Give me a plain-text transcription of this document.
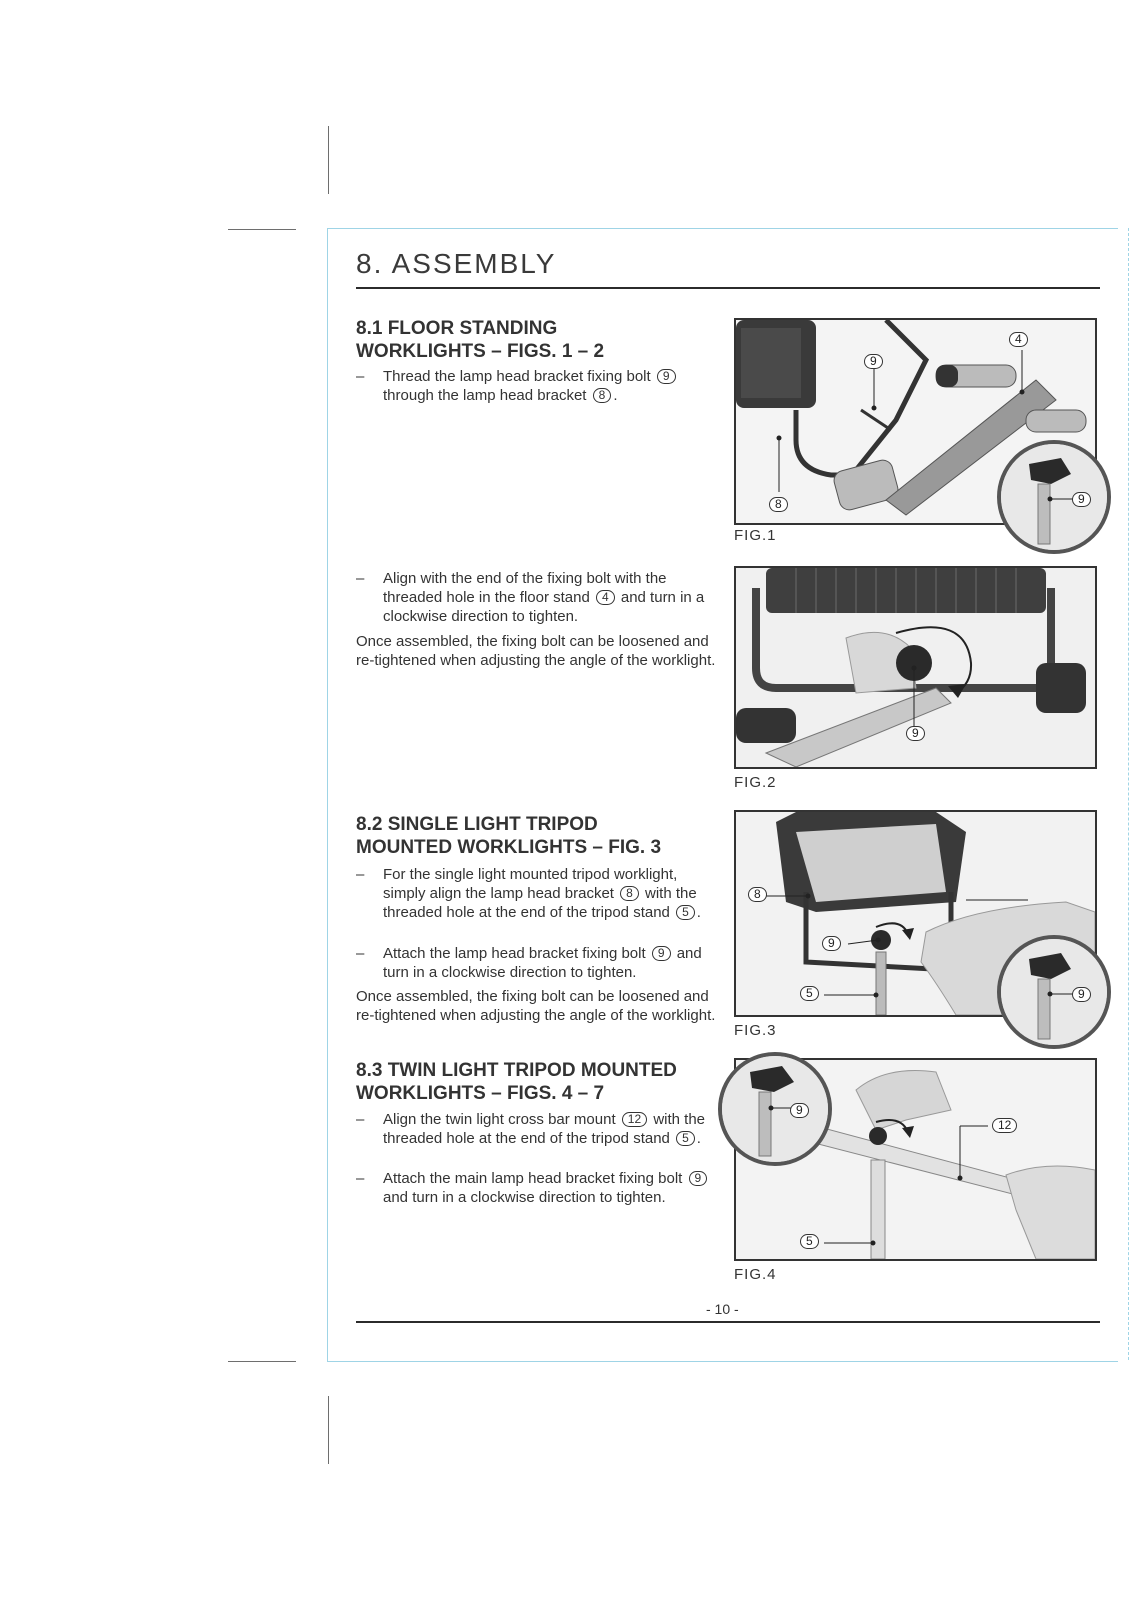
8. ASSEMBLY
8.1 FLOOR STANDING
WORKLIGHTS – FIGS. 1 – 2
– Thread the lamp head bracket fixing bolt 9through the lamp head bracket 8 .
– Align with the end of the fixing bolt with the threaded hole in the floor stand 4 and turn in a clockwise direction to tighten.
Once assembled, the fixing bolt can be loosened and re-tightened when adjusting the angle of the worklight.
8.2 SINGLE LIGHT TRIPOD
MOUNTED WORKLIGHTS – FIG. 3
– For the single light mounted tripod worklight, simply align the lamp head bracket 8 with the threaded hole at the end of the tripod stand 5 .
– Attach the lamp head bracket fixing bolt 9 and turn in a clockwise direction to tighten.
Once assembled, the fixing bolt can be loosened and re-tightened when adjusting the angle of the worklight.
8.3 TWIN LIGHT TRIPOD MOUNTED
WORKLIGHTS – FIGS. 4 – 7
– Align the twin light cross bar mount 12 with the threaded hole at the end of the tripod stand 5 .
– Attach the main lamp head bracket fixing bolt 9 and turn in a clockwise direction to tighten.
4
9
8	9
FIG.1
9
FIG.2
8
9
5	9
FIG.3
9
12
5
FIG.4
- 10 -
